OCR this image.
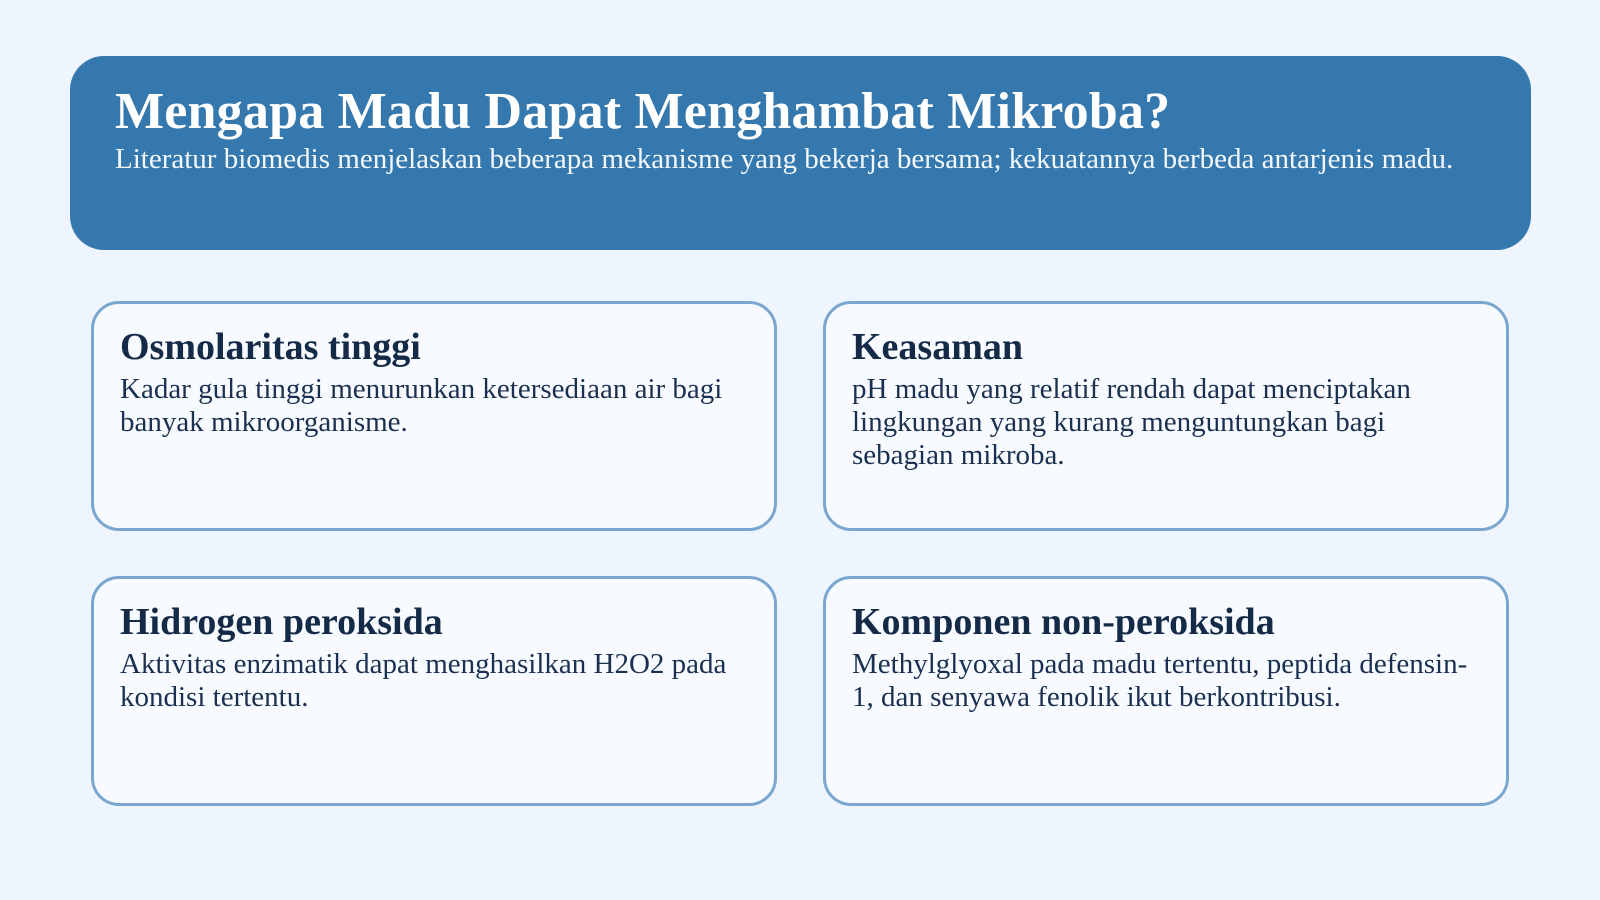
Mengapa Madu Dapat Menghambat Mikroba?

Literatur biomedis menjelaskan beberapa mekanisme yang bekerja bersama; kekuatannya berbeda antarjenis madu.

Osmolaritas tinggi

Kadar gula tinggi menurunkan ketersediaan air bagi banyak mikroorganisme.

Keasaman

pH madu yang relatif rendah dapat menciptakan lingkungan yang kurang menguntungkan bagi sebagian mikroba.

Hidrogen peroksida

Aktivitas enzimatik dapat menghasilkan H2O2 pada kondisi tertentu.

Komponen non-peroksida

Methylglyoxal pada madu tertentu, peptida defensin-1, dan senyawa fenolik ikut berkontribusi.
